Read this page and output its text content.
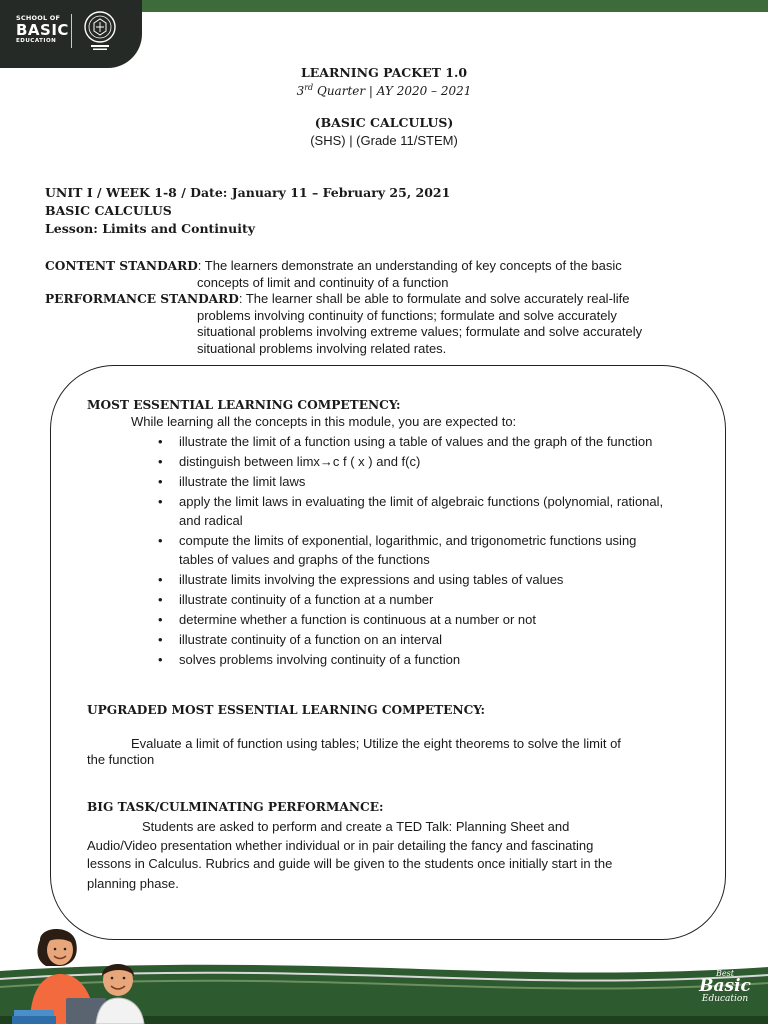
SCHOOL OF
BASIC
EDUCATION
LEARNING PACKET 1.0
3rd Quarter | AY 2020 – 2021
(BASIC CALCULUS)
(SHS) | (Grade 11/STEM)
UNIT I / WEEK 1-8 / Date: January 11 – February 25, 2021
BASIC CALCULUS
Lesson: Limits and Continuity
CONTENT STANDARD: The learners demonstrate an understanding of key concepts of the basic
concepts of limit and continuity of a function
PERFORMANCE STANDARD: The learner shall be able to formulate and solve accurately real-life
problems involving continuity of functions; formulate and solve accurately
situational problems involving extreme values; formulate and solve accurately
situational problems involving related rates.
MOST ESSENTIAL LEARNING COMPETENCY:
While learning all the concepts in this module, you are expected to:
• illustrate the limit of a function using a table of values and the graph of the function
• distinguish between limx→c f ( x ) and f(c)
• illustrate the limit laws
• apply the limit laws in evaluating the limit of algebraic functions (polynomial, rational, and radical
• compute the limits of exponential, logarithmic, and trigonometric functions using tables of values and graphs of the functions
• illustrate limits involving the expressions and using tables of values
• illustrate continuity of a function at a number
• determine whether a function is continuous at a number or not
• illustrate continuity of a function on an interval
• solves problems involving continuity of a function
UPGRADED MOST ESSENTIAL LEARNING COMPETENCY:
Evaluate a limit of function using tables; Utilize the eight theorems to solve the limit of
the function
BIG TASK/CULMINATING PERFORMANCE:
Students are asked to perform and create a TED Talk: Planning Sheet and
Audio/Video presentation whether individual or in pair detailing the fancy and fascinating
lessons in Calculus. Rubrics and guide will be given to the students once initially start in the
planning phase.
Best
Basic
Education
